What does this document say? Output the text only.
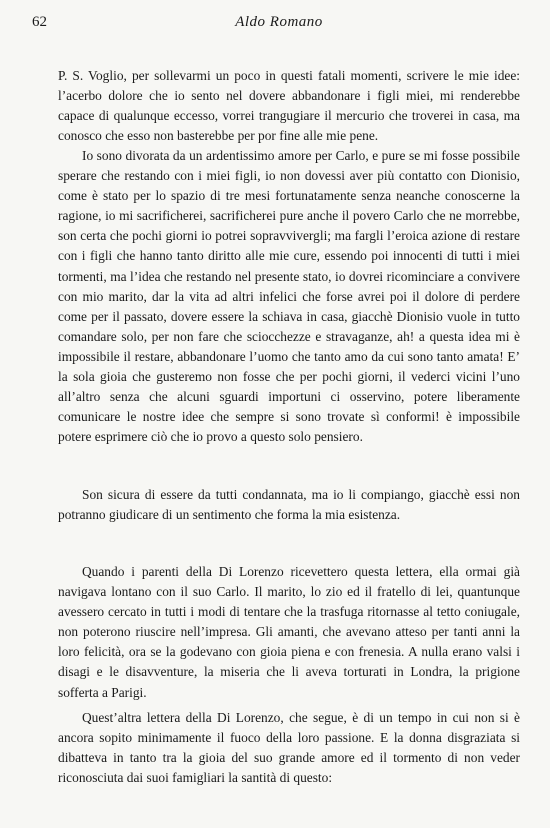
62	Aldo Romano

P. S. Voglio, per sollevarmi un poco in questi fatali momenti, scrivere le mie idee: l’acerbo dolore che io sento nel dovere abbandonare i figli miei, mi renderebbe capace di qualunque eccesso, vorrei trangugiare il mercurio che troverei in casa, ma conosco che esso non basterebbe per por fine alle mie pene.

Io sono divorata da un ardentissimo amore per Carlo, e pure se mi fosse possibile sperare che restando con i miei figli, io non dovessi aver più contatto con Dionisio, come è stato per lo spazio di tre mesi fortunatamente senza neanche conoscerne la ragione, io mi sacrificherei, sacrificherei pure anche il povero Carlo che ne morrebbe, son certa che pochi giorni io potrei sopravvivergli; ma fargli l’eroica azione di restare con i figli che hanno tanto diritto alle mie cure, essendo poi innocenti di tutti i miei tormenti, ma l’idea che restando nel presente stato, io dovrei ricominciare a convivere con mio marito, dar la vita ad altri infelici che forse avrei poi il dolore di perdere come per il passato, dovere essere la schiava in casa, giacchè Dionisio vuole in tutto comandare solo, per non fare che sciocchezze e stravaganze, ah! a questa idea mi è impossibile il restare, abbandonare l’uomo che tanto amo da cui sono tanto amata! E’ la sola gioia che gusteremo non fosse che per pochi giorni, il vederci vicini l’uno all’altro senza che alcuni sguardi importuni ci osservino, potere liberamente comunicare le nostre idee che sempre si sono trovate sì conformi! è impossibile potere esprimere ciò che io provo a questo solo pensiero.

Son sicura di essere da tutti condannata, ma io li compiango, giacchè essi non potranno giudicare di un sentimento che forma la mia esistenza.

Quando i parenti della Di Lorenzo ricevettero questa lettera, ella ormai già navigava lontano con il suo Carlo. Il marito, lo zio ed il fratello di lei, quantunque avessero cercato in tutti i modi di tentare che la trasfuga ritornasse al tetto coniugale, non poterono riuscire nell’impresa. Gli amanti, che avevano atteso per tanti anni la loro felicità, ora se la godevano con gioia piena e con frenesia. A nulla erano valsi i disagi e le disavventure, la miseria che li aveva torturati in Londra, la prigione sofferta a Parigi.

Quest’altra lettera della Di Lorenzo, che segue, è di un tempo in cui non si è ancora sopito minimamente il fuoco della loro passione. E la donna disgraziata si dibatteva in tanto tra la gioia del suo grande amore ed il tormento di non veder riconosciuta dai suoi famigliari la santità di questo:
